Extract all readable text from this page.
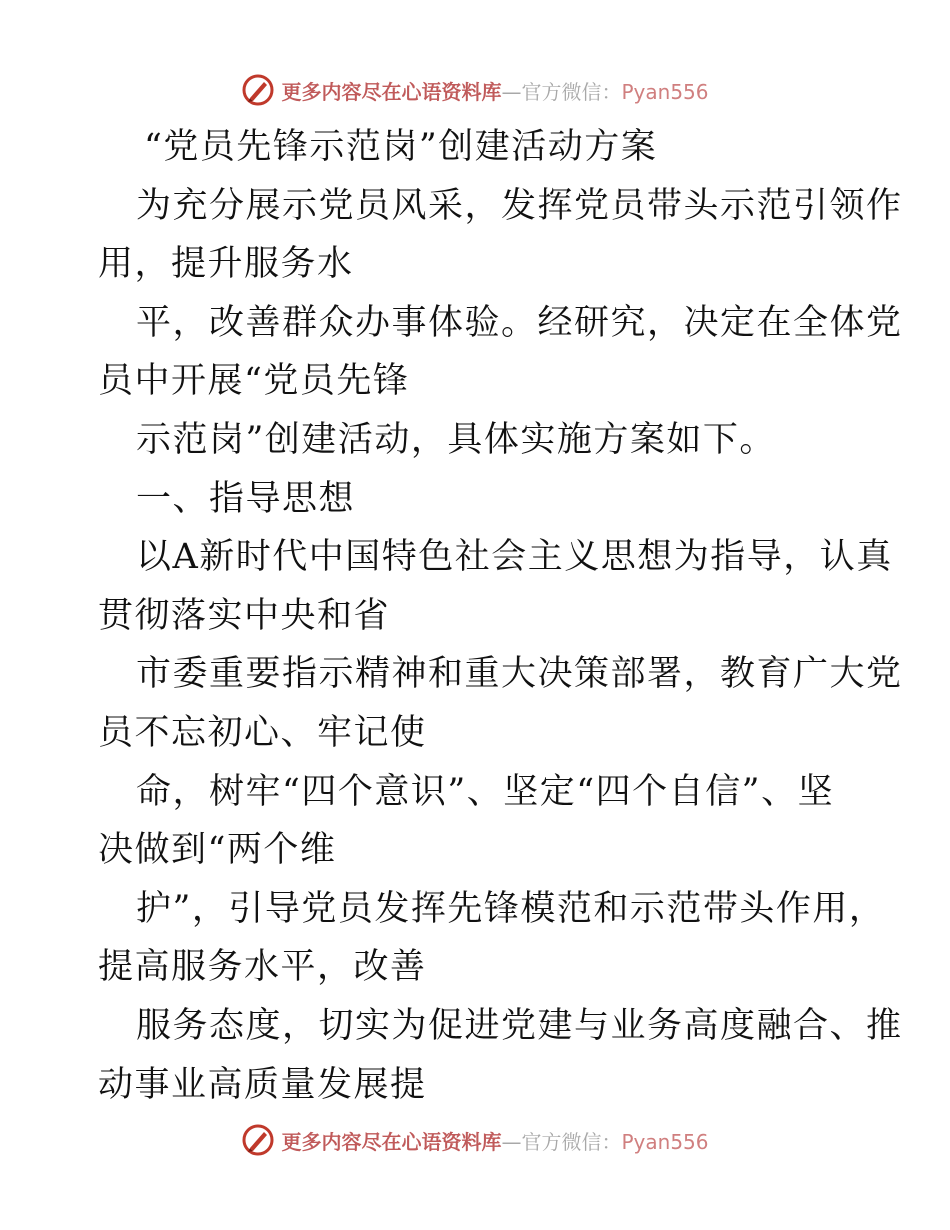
更多内容尽在心语资料库—官方微信：Pyan556
“党员先锋示范岗”创建活动方案
为充分展示党员风采，发挥党员带头示范引领作
用，提升服务水
平，改善群众办事体验。经研究，决定在全体党
员中开展“党员先锋
示范岗”创建活动，具体实施方案如下。
一、指导思想
以A新时代中国特色社会主义思想为指导，认真
贯彻落实中央和省
市委重要指示精神和重大决策部署，教育广大党
员不忘初心、牢记使
命，树牢“四个意识”、坚定“四个自信”、坚
决做到“两个维
护”，引导党员发挥先锋模范和示范带头作用，
提高服务水平，改善
服务态度，切实为促进党建与业务高度融合、推
动事业高质量发展提
更多内容尽在心语资料库—官方微信：Pyan556
